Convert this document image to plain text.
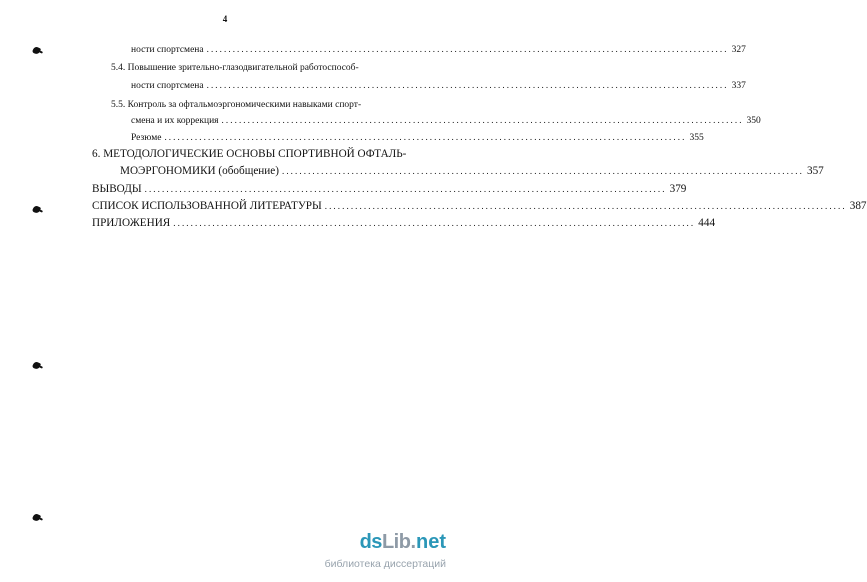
4
ности спортсмена ........................................................................................................................ 327
5.4. Повышение зрительно-глазодвигательной работоспособ-
ности спортсмена ........................................................................................................................ 337
5.5. Контроль за офтальмоэргономическими навыками спорт-
смена и их коррекция ........................................................................................................................ 350
Резюме ........................................................................................................................ 355
6. МЕТОДОЛОГИЧЕСКИЕ ОСНОВЫ СПОРТИВНОЙ ОФТАЛЬ-
МОЭРГОНОМИКИ (обобщение) ........................................................................................................................ 357
ВЫВОДЫ ........................................................................................................................ 379
СПИСОК ИСПОЛЬЗОВАННОЙ ЛИТЕРАТУРЫ ........................................................................................................................ 387
ПРИЛОЖЕНИЯ ........................................................................................................................ 444
ds Lib . net
библиотека диссертаций
